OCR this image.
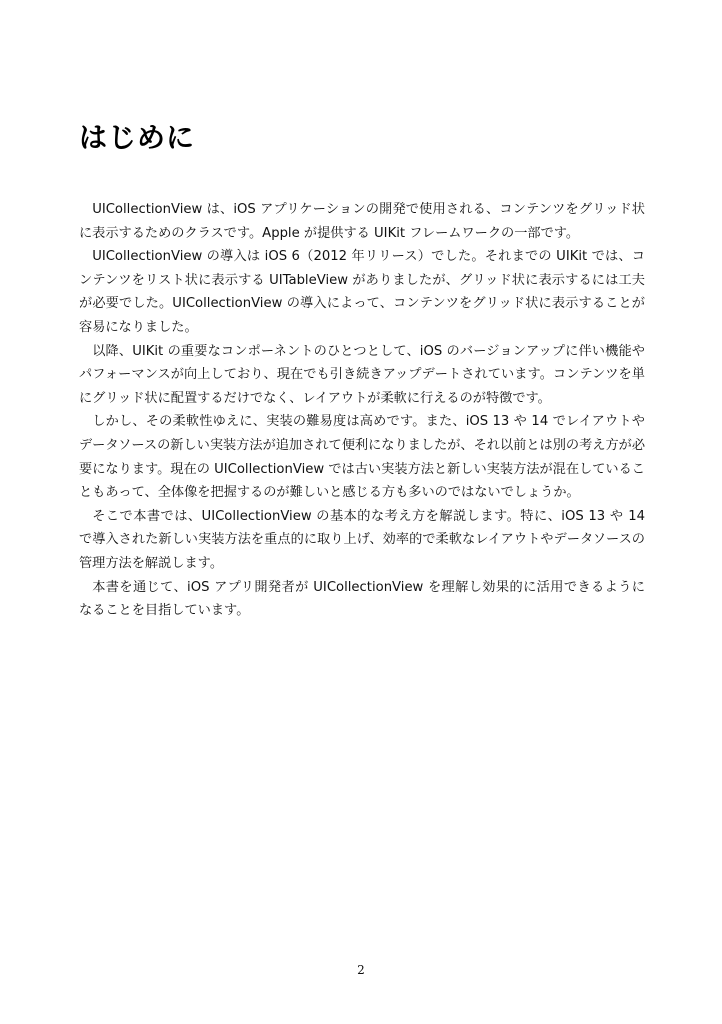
はじめに

UICollectionView は、iOS アプリケーションの開発で使用される、コンテンツをグリッド状に表示するためのクラスです。Apple が提供する UIKit フレームワークの一部です。

UICollectionView の導入は iOS 6（2012 年リリース）でした。それまでの UIKit では、コンテンツをリスト状に表示する UITableView がありましたが、グリッド状に表示するには工夫が必要でした。UICollectionView の導入によって、コンテンツをグリッド状に表示することが容易になりました。

以降、UIKit の重要なコンポーネントのひとつとして、iOS のバージョンアップに伴い機能やパフォーマンスが向上しており、現在でも引き続きアップデートされています。コンテンツを単にグリッド状に配置するだけでなく、レイアウトが柔軟に行えるのが特徴です。

しかし、その柔軟性ゆえに、実装の難易度は高めです。また、iOS 13 や 14 でレイアウトやデータソースの新しい実装方法が追加されて便利になりましたが、それ以前とは別の考え方が必要になります。現在の UICollectionView では古い実装方法と新しい実装方法が混在していることもあって、全体像を把握するのが難しいと感じる方も多いのではないでしょうか。

そこで本書では、UICollectionView の基本的な考え方を解説します。特に、iOS 13 や 14 で導入された新しい実装方法を重点的に取り上げ、効率的で柔軟なレイアウトやデータソースの管理方法を解説します。

本書を通じて、iOS アプリ開発者が UICollectionView を理解し効果的に活用できるようになることを目指しています。

2
